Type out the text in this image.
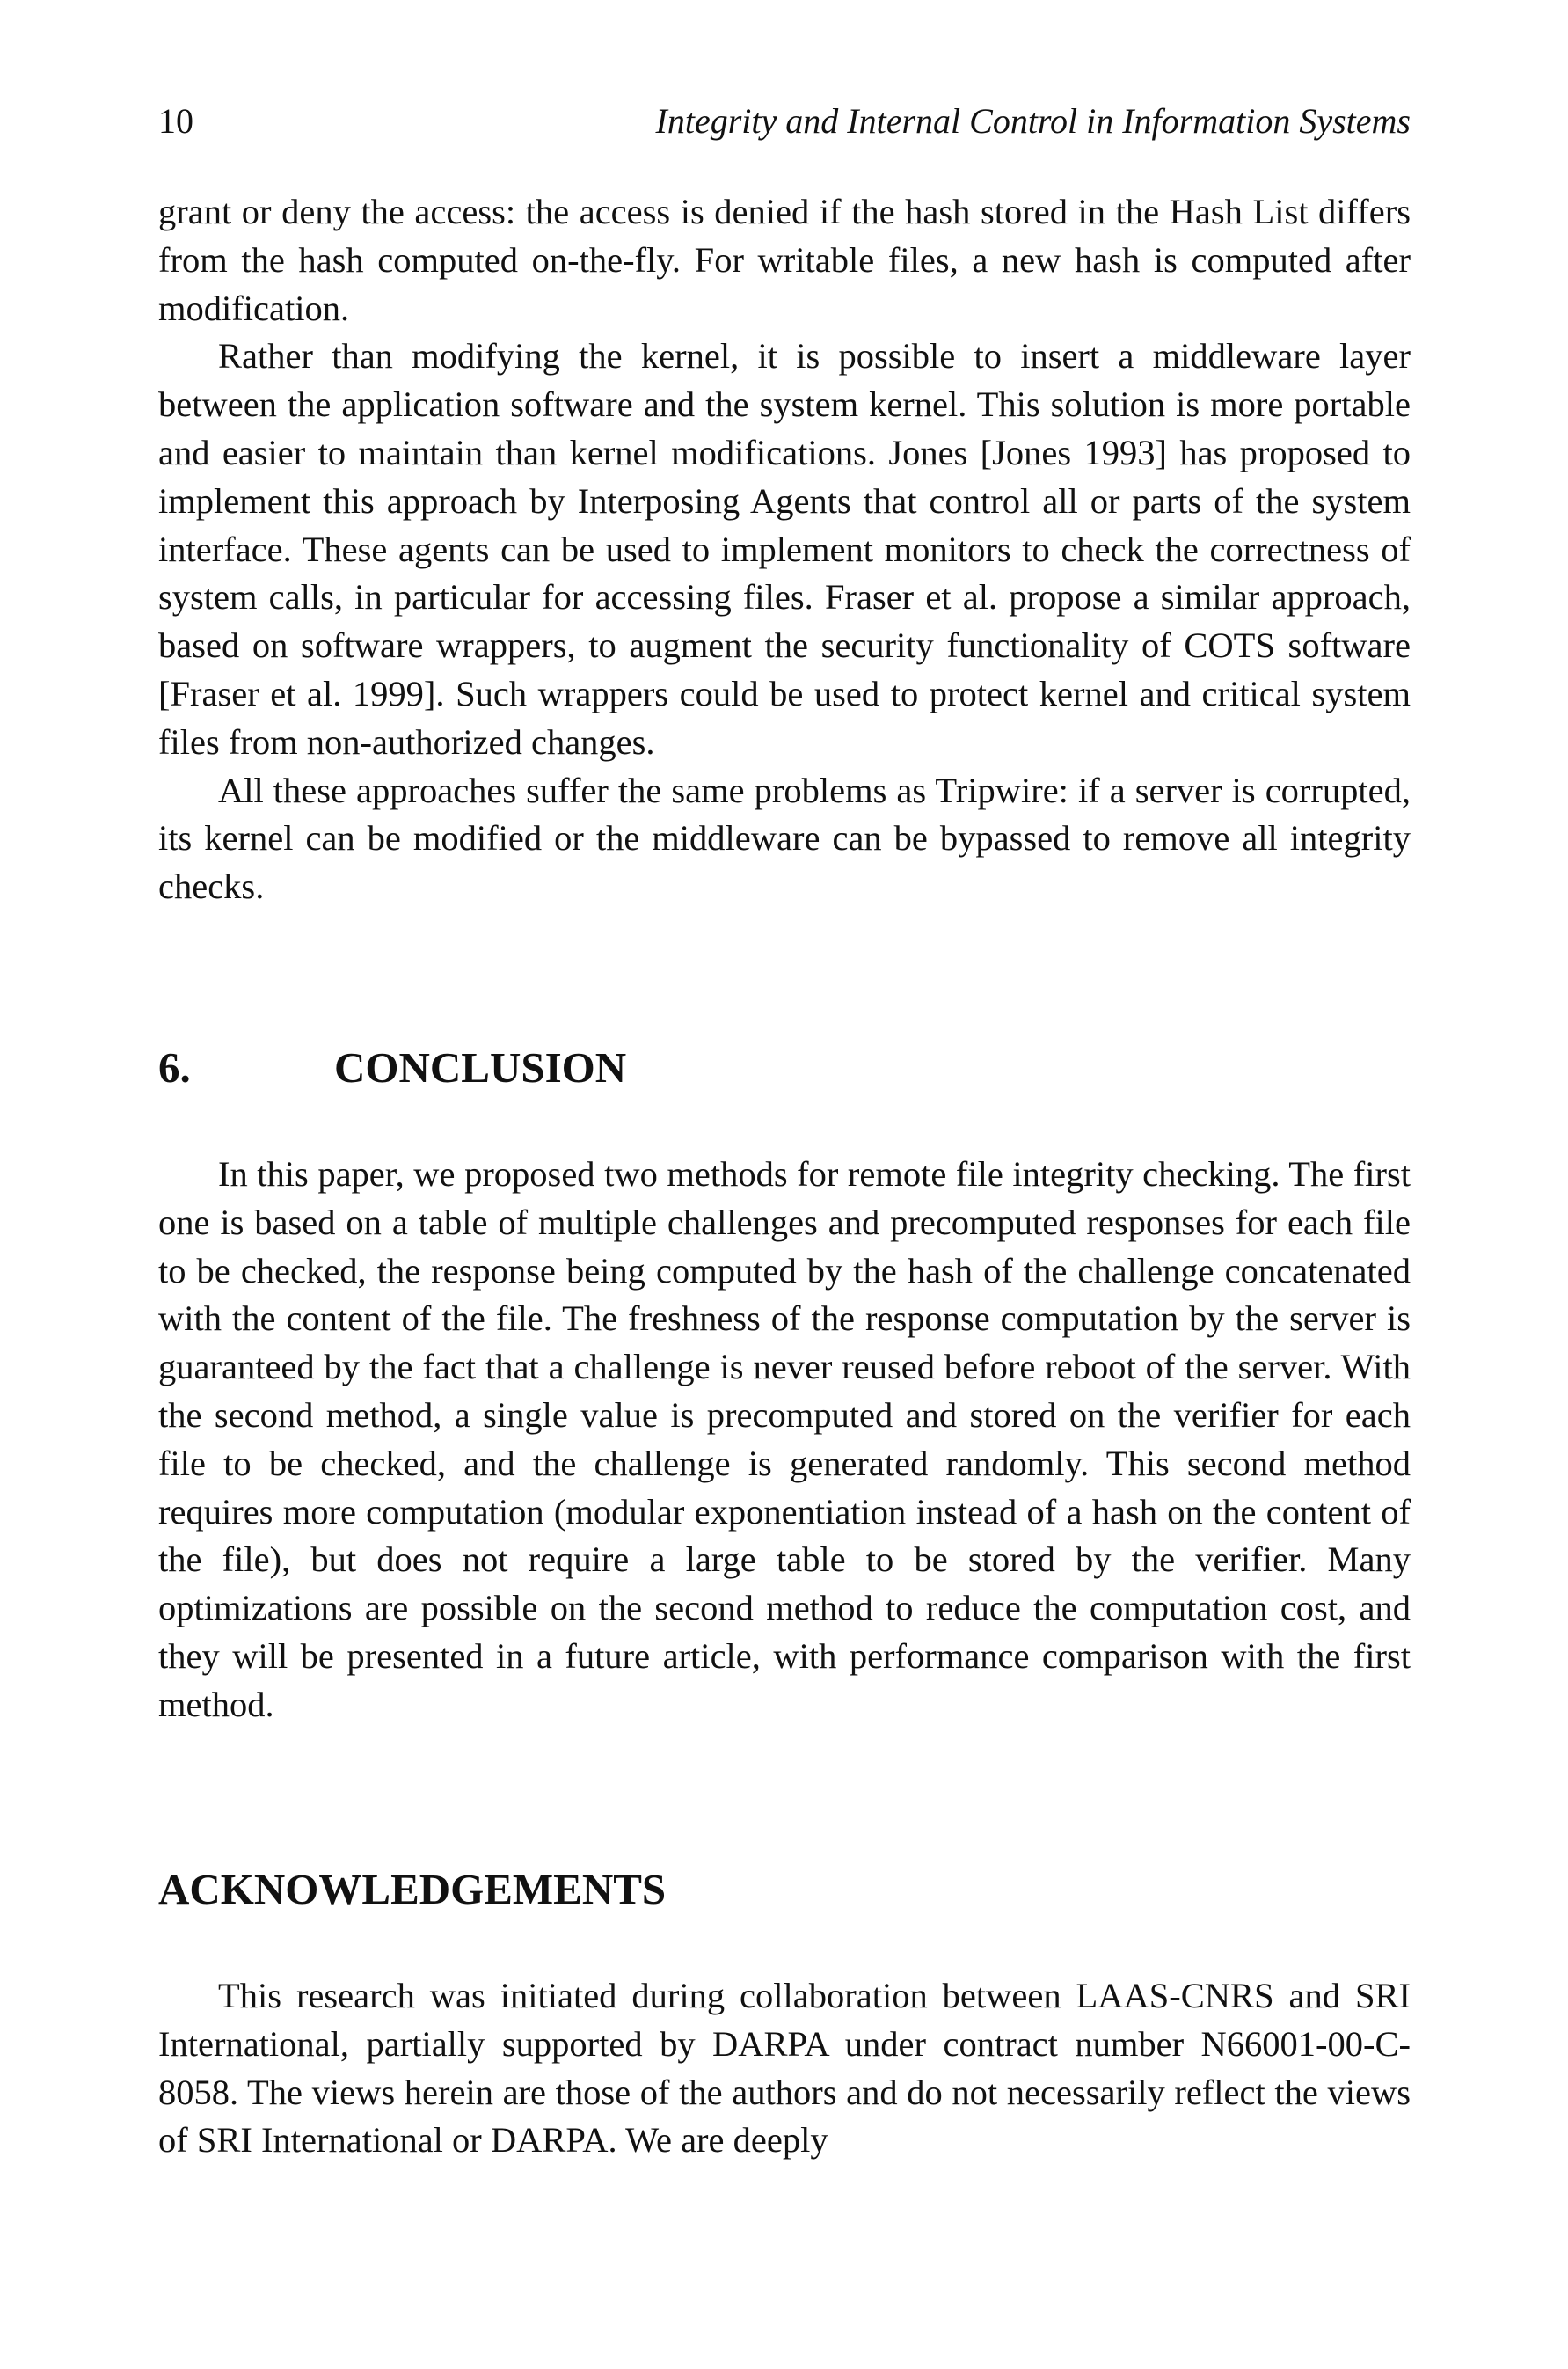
10	Integrity and Internal Control in Information Systems

grant or deny the access: the access is denied if the hash stored in the Hash List differs from the hash computed on-the-fly. For writable files, a new hash is computed after modification.

Rather than modifying the kernel, it is possible to insert a middleware layer between the application software and the system kernel. This solution is more portable and easier to maintain than kernel modifications. Jones [Jones 1993] has proposed to implement this approach by Interposing Agents that control all or parts of the system interface. These agents can be used to implement monitors to check the correctness of system calls, in particular for accessing files. Fraser et al. propose a similar approach, based on software wrappers, to augment the security functionality of COTS software [Fraser et al. 1999]. Such wrappers could be used to protect kernel and critical system files from non-authorized changes.

All these approaches suffer the same problems as Tripwire: if a server is corrupted, its kernel can be modified or the middleware can be bypassed to remove all integrity checks.

6.	CONCLUSION

In this paper, we proposed two methods for remote file integrity checking. The first one is based on a table of multiple challenges and precomputed responses for each file to be checked, the response being computed by the hash of the challenge concatenated with the content of the file. The freshness of the response computation by the server is guaranteed by the fact that a challenge is never reused before reboot of the server. With the second method, a single value is precomputed and stored on the verifier for each file to be checked, and the challenge is generated randomly. This second method requires more computation (modular exponentiation instead of a hash on the content of the file), but does not require a large table to be stored by the verifier. Many optimizations are possible on the second method to reduce the computation cost, and they will be presented in a future article, with performance comparison with the first method.

ACKNOWLEDGEMENTS

This research was initiated during collaboration between LAAS-CNRS and SRI International, partially supported by DARPA under contract number N66001-00-C-8058. The views herein are those of the authors and do not necessarily reflect the views of SRI International or DARPA. We are deeply
